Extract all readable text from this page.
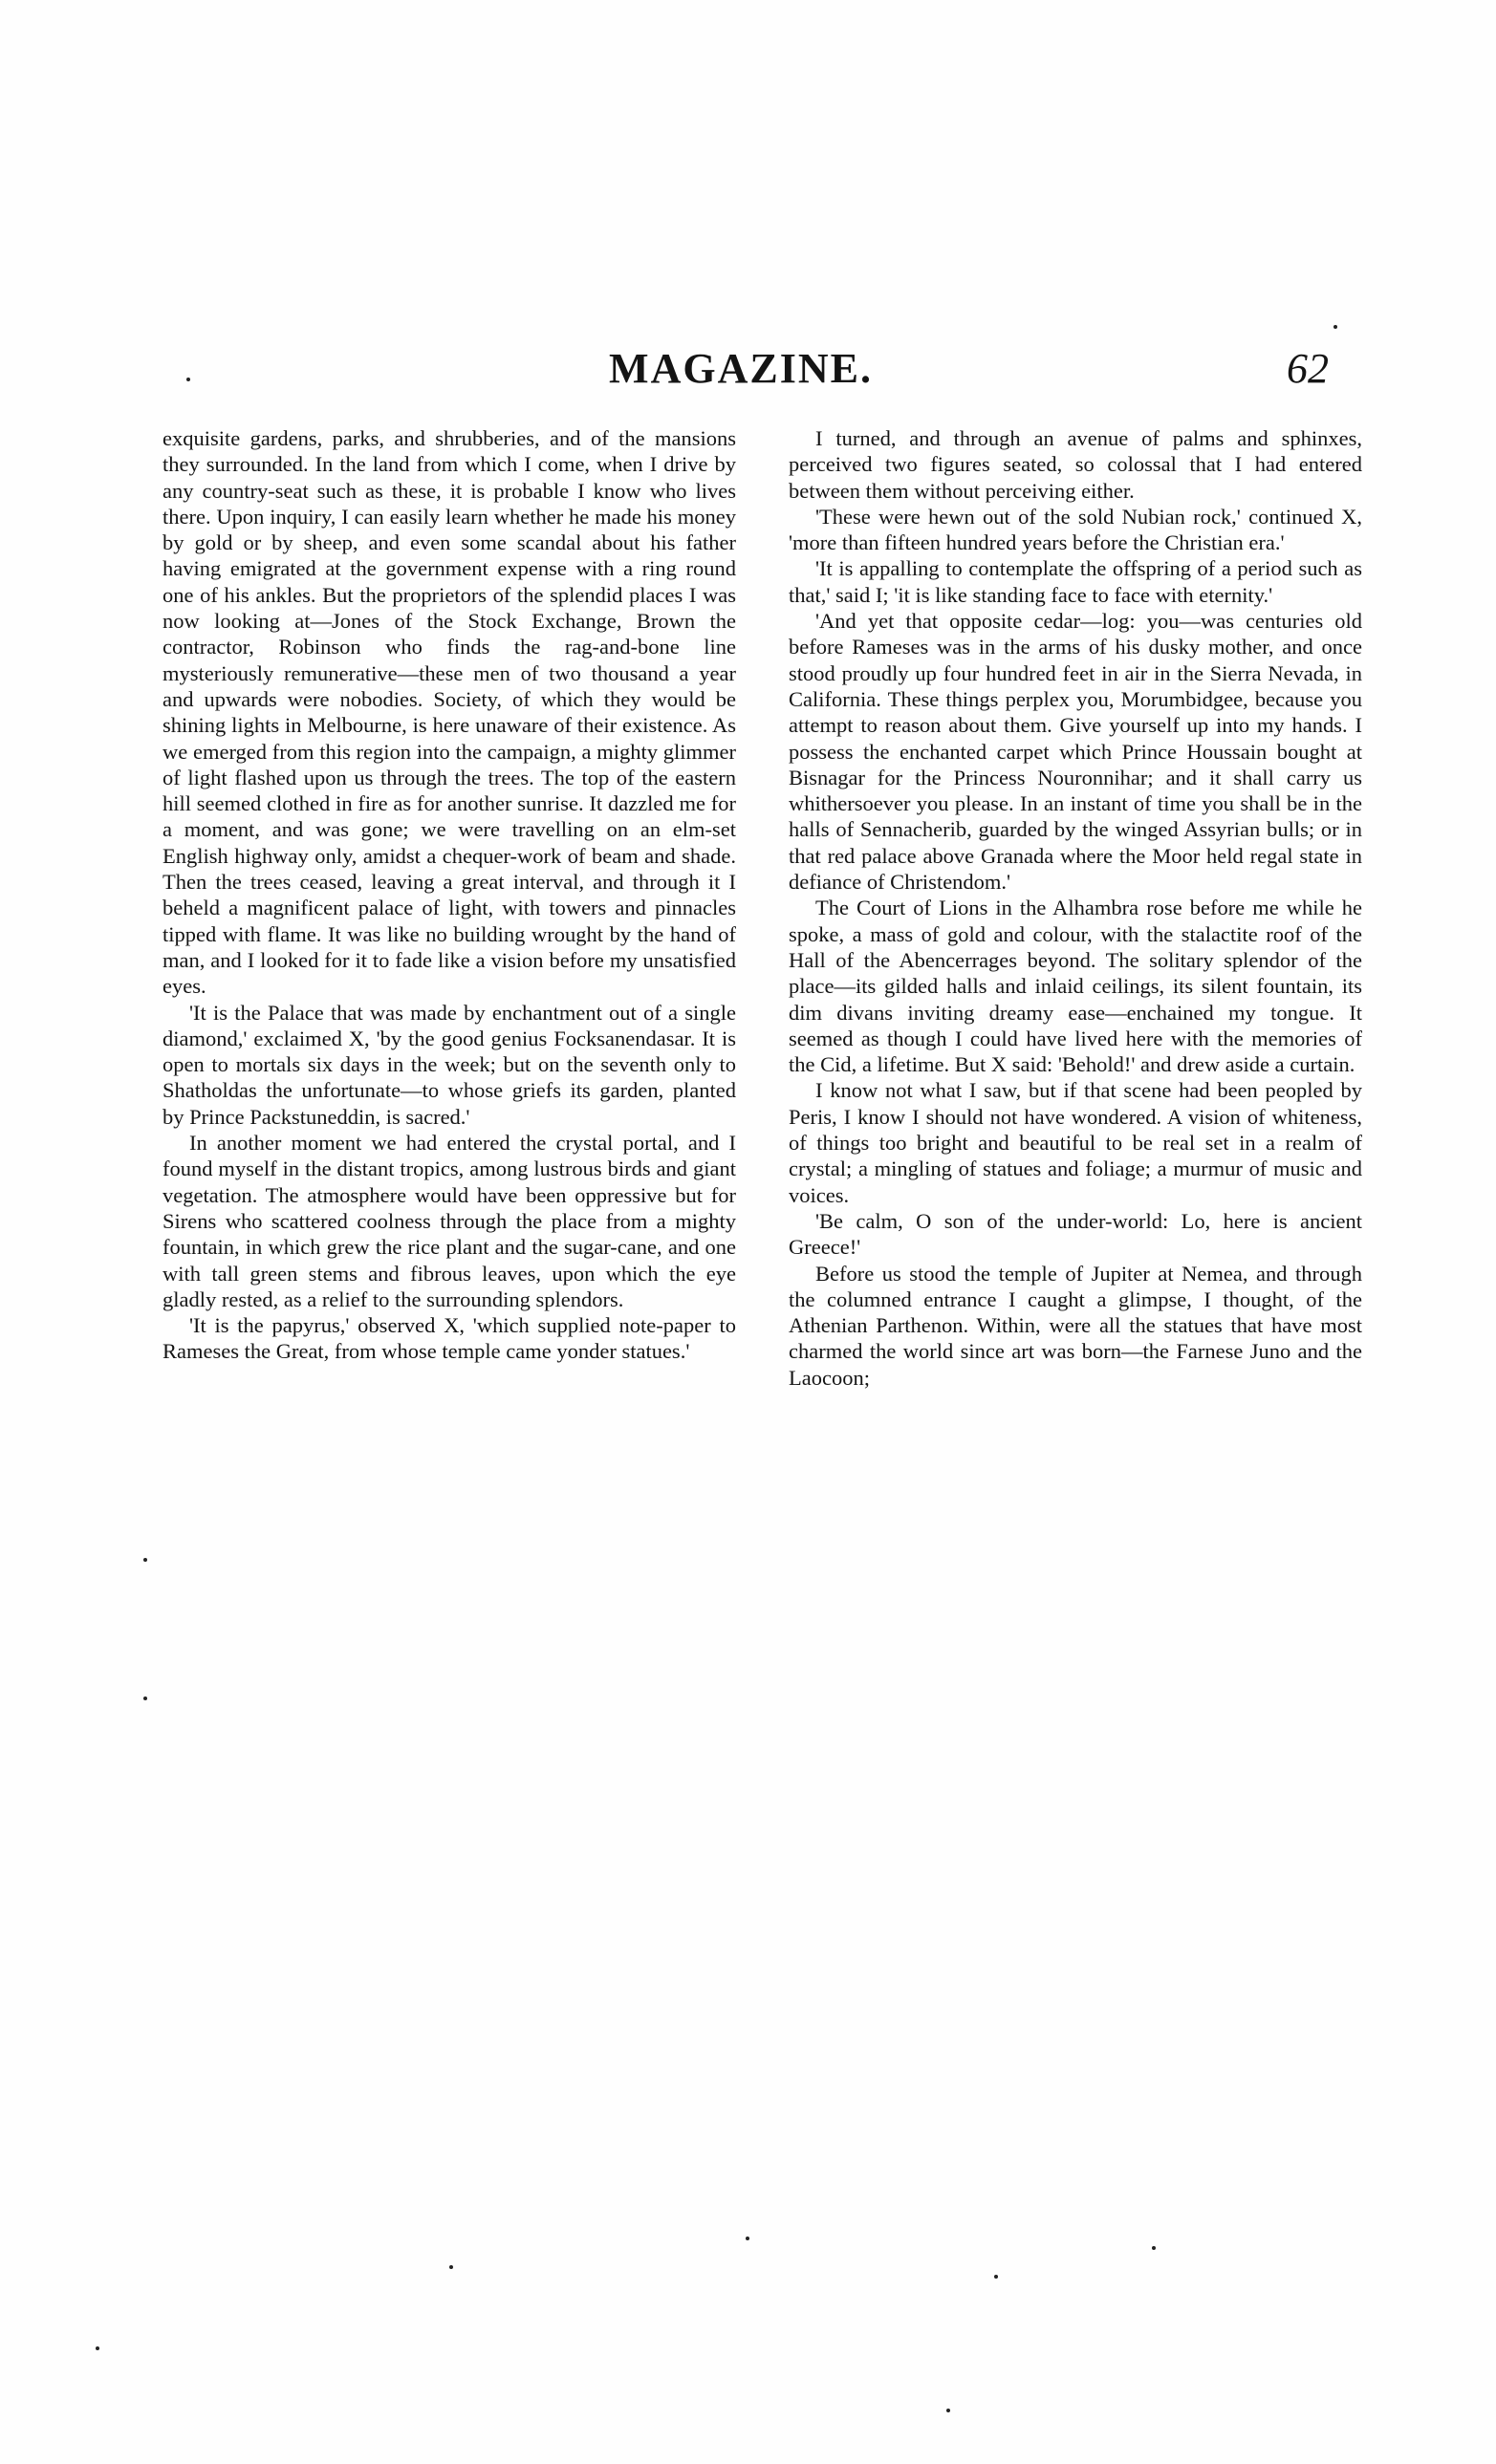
MAGAZINE.	62

exquisite gardens, parks, and shrubberies, and of the mansions they surrounded. In the land from which I come, when I drive by any country-seat such as these, it is probable I know who lives there. Upon inquiry, I can easily learn whether he made his money by gold or by sheep, and even some scandal about his father having emigrated at the government expense with a ring round one of his ankles. But the proprietors of the splendid places I was now looking at—Jones of the Stock Exchange, Brown the contractor, Robinson who finds the rag-and-bone line mysteriously remunerative—these men of two thousand a year and upwards were nobodies. Society, of which they would be shining lights in Melbourne, is here unaware of their existence. As we emerged from this region into the campaign, a mighty glimmer of light flashed upon us through the trees. The top of the eastern hill seemed clothed in fire as for another sunrise. It dazzled me for a moment, and was gone; we were travelling on an elm-set English highway only, amidst a chequer-work of beam and shade. Then the trees ceased, leaving a great interval, and through it I beheld a magnificent palace of light, with towers and pinnacles tipped with flame. It was like no building wrought by the hand of man, and I looked for it to fade like a vision before my unsatisfied eyes.

'It is the Palace that was made by enchantment out of a single diamond,' exclaimed X, 'by the good genius Focksanendasar. It is open to mortals six days in the week; but on the seventh only to Shatholdas the unfortunate—to whose griefs its garden, planted by Prince Packstuneddin, is sacred.'

In another moment we had entered the crystal portal, and I found myself in the distant tropics, among lustrous birds and giant vegetation. The atmosphere would have been oppressive but for Sirens who scattered coolness through the place from a mighty fountain, in which grew the rice plant and the sugar-cane, and one with tall green stems and fibrous leaves, upon which the eye gladly rested, as a relief to the surrounding splendors.

'It is the papyrus,' observed X, 'which supplied note-paper to Rameses the Great, from whose temple came yonder statues.'

I turned, and through an avenue of palms and sphinxes, perceived two figures seated, so colossal that I had entered between them without perceiving either.

'These were hewn out of the sold Nubian rock,' continued X, 'more than fifteen hundred years before the Christian era.'

'It is appalling to contemplate the offspring of a period such as that,' said I; 'it is like standing face to face with eternity.'

'And yet that opposite cedar—log: you—was centuries old before Rameses was in the arms of his dusky mother, and once stood proudly up four hundred feet in air in the Sierra Nevada, in California. These things perplex you, Morumbidgee, because you attempt to reason about them. Give yourself up into my hands. I possess the enchanted carpet which Prince Houssain bought at Bisnagar for the Princess Nouronnihar; and it shall carry us whithersoever you please. In an instant of time you shall be in the halls of Sennacherib, guarded by the winged Assyrian bulls; or in that red palace above Granada where the Moor held regal state in defiance of Christendom.'

The Court of Lions in the Alhambra rose before me while he spoke, a mass of gold and colour, with the stalactite roof of the Hall of the Abencerrages beyond. The solitary splendor of the place—its gilded halls and inlaid ceilings, its silent fountain, its dim divans inviting dreamy ease—enchained my tongue. It seemed as though I could have lived here with the memories of the Cid, a lifetime. But X said: 'Behold!' and drew aside a curtain.

I know not what I saw, but if that scene had been peopled by Peris, I know I should not have wondered. A vision of whiteness, of things too bright and beautiful to be real set in a realm of crystal; a mingling of statues and foliage; a murmur of music and voices.

'Be calm, O son of the under-world: Lo, here is ancient Greece!'

Before us stood the temple of Jupiter at Nemea, and through the columned entrance I caught a glimpse, I thought, of the Athenian Parthenon. Within, were all the statues that have most charmed the world since art was born—the Farnese Juno and the Laocoon;
